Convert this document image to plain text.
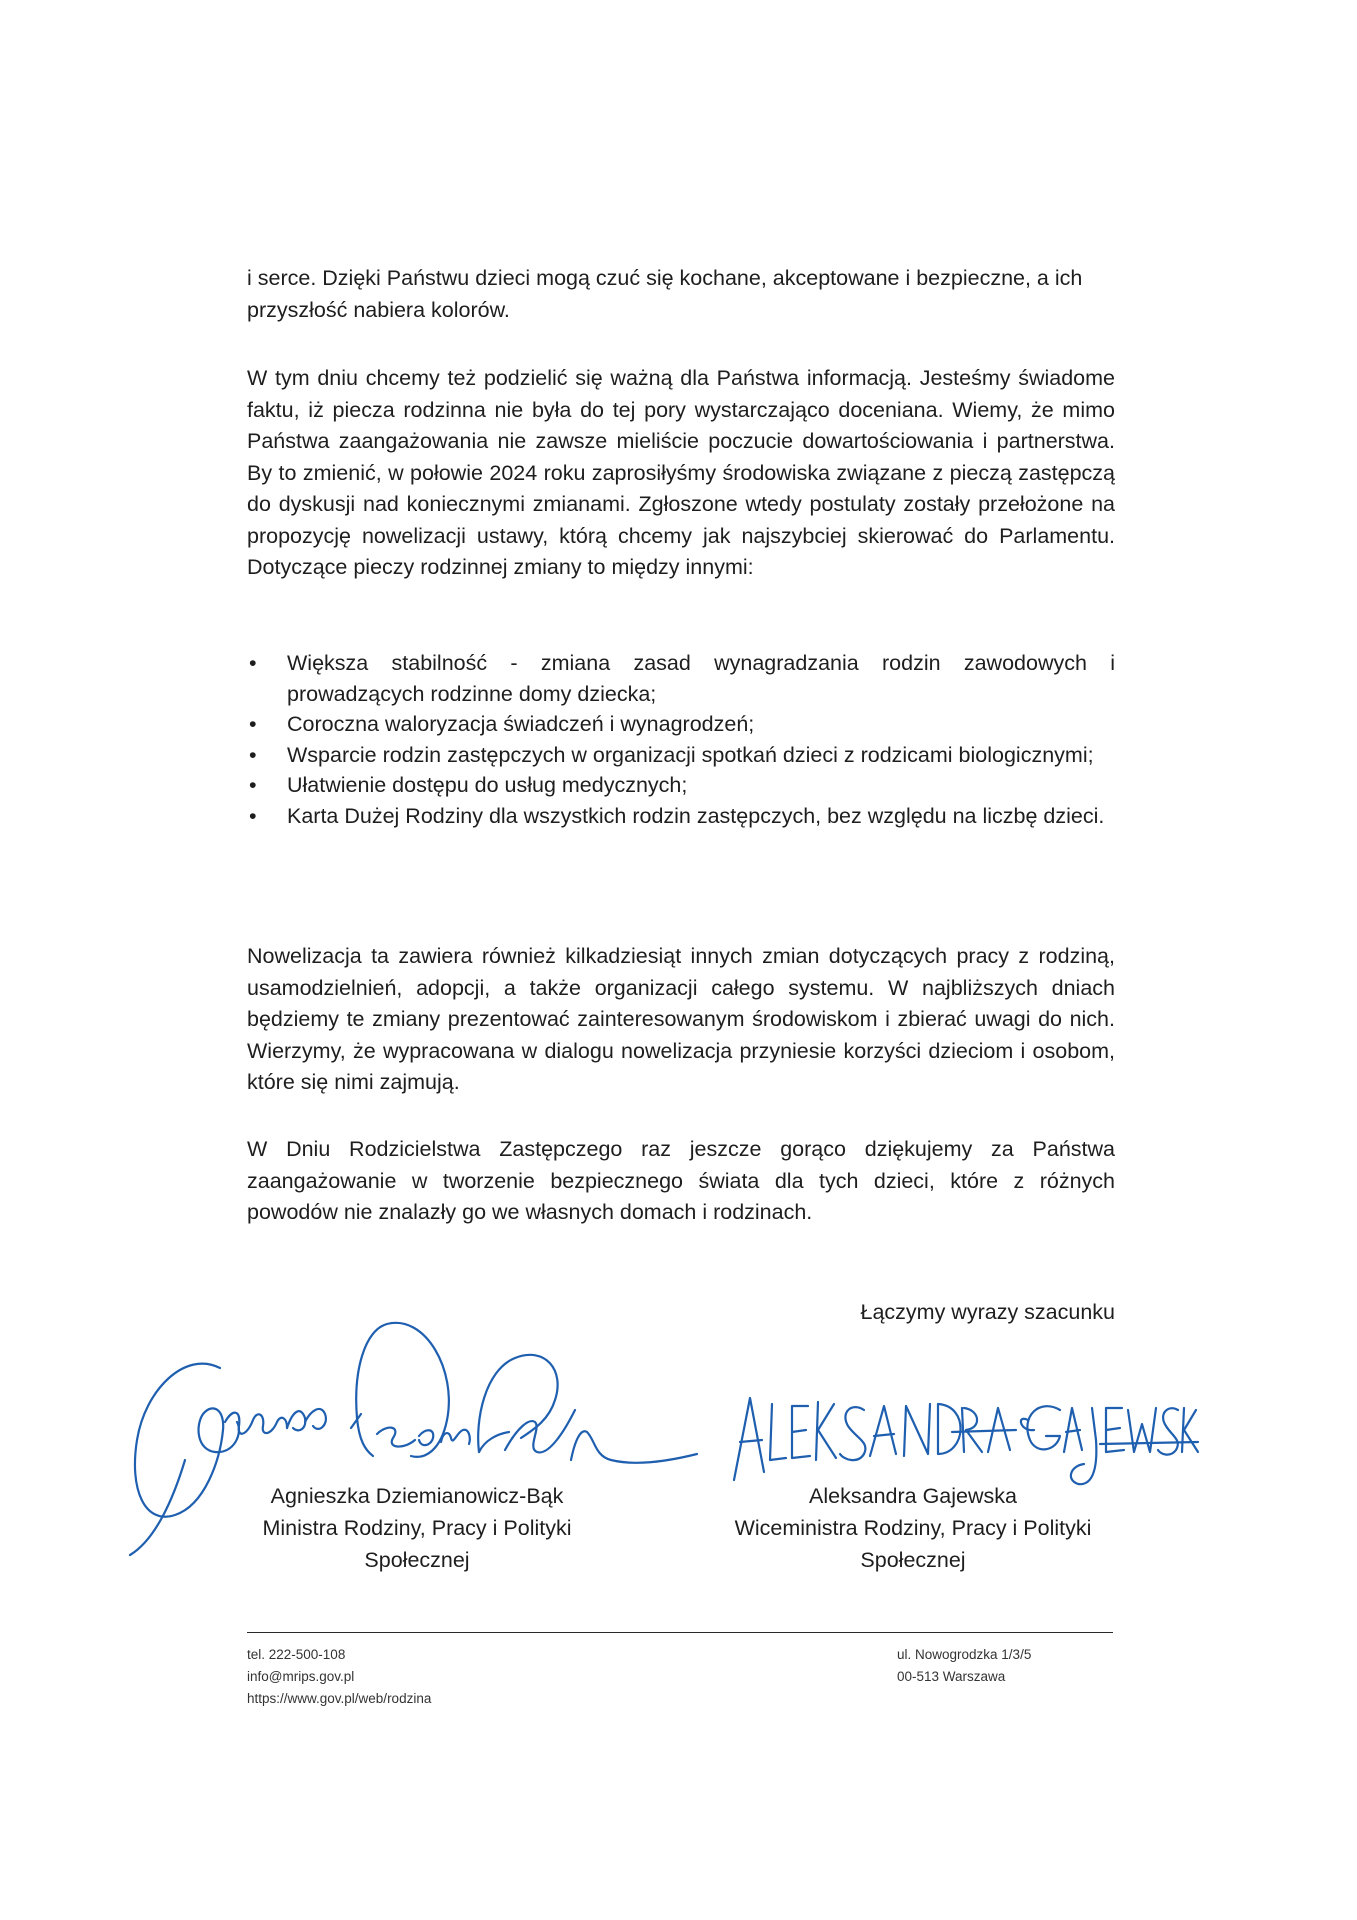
i serce. Dzięki Państwu dzieci mogą czuć się kochane, akceptowane i bezpieczne, a ich przyszłość nabiera kolorów.

W tym dniu chcemy też podzielić się ważną dla Państwa informacją. Jesteśmy świadome faktu, iż piecza rodzinna nie była do tej pory wystarczająco doceniana. Wiemy, że mimo Państwa zaangażowania nie zawsze mieliście poczucie dowartościowania i partnerstwa. By to zmienić, w połowie 2024 roku zaprosiłyśmy środowiska związane z pieczą zastępczą do dyskusji nad koniecznymi zmianami. Zgłoszone wtedy postulaty zostały przełożone na propozycję nowelizacji ustawy, którą chcemy jak najszybciej skierować do Parlamentu. Dotyczące pieczy rodzinnej zmiany to między innymi:

•	Większa stabilność - zmiana zasad wynagradzania rodzin zawodowych i prowadzących rodzinne domy dziecka;
•	Coroczna waloryzacja świadczeń i wynagrodzeń;
•	Wsparcie rodzin zastępczych w organizacji spotkań dzieci z rodzicami biologicznymi;
•	Ułatwienie dostępu do usług medycznych;
•	Karta Dużej Rodziny dla wszystkich rodzin zastępczych, bez względu na liczbę dzieci.

Nowelizacja ta zawiera również kilkadziesiąt innych zmian dotyczących pracy z rodziną, usamodzielnień, adopcji, a także organizacji całego systemu. W najbliższych dniach będziemy te zmiany prezentować zainteresowanym środowiskom i zbierać uwagi do nich. Wierzymy, że wypracowana w dialogu nowelizacja przyniesie korzyści dzieciom i osobom, które się nimi zajmują.

W Dniu Rodzicielstwa Zastępczego raz jeszcze gorąco dziękujemy za Państwa zaangażowanie w tworzenie bezpiecznego świata dla tych dzieci, które z różnych powodów nie znalazły go we własnych domach i rodzinach.

Łączymy wyrazy szacunku

Agnieszka Dziemianowicz-Bąk
Ministra Rodziny, Pracy i Polityki
Społecznej
Aleksandra Gajewska
Wiceministra Rodziny, Pracy i Polityki
Społecznej
tel. 222-500-108
info@mrips.gov.pl
https://www.gov.pl/web/rodzina
ul. Nowogrodzka 1/3/5
00-513 Warszawa
